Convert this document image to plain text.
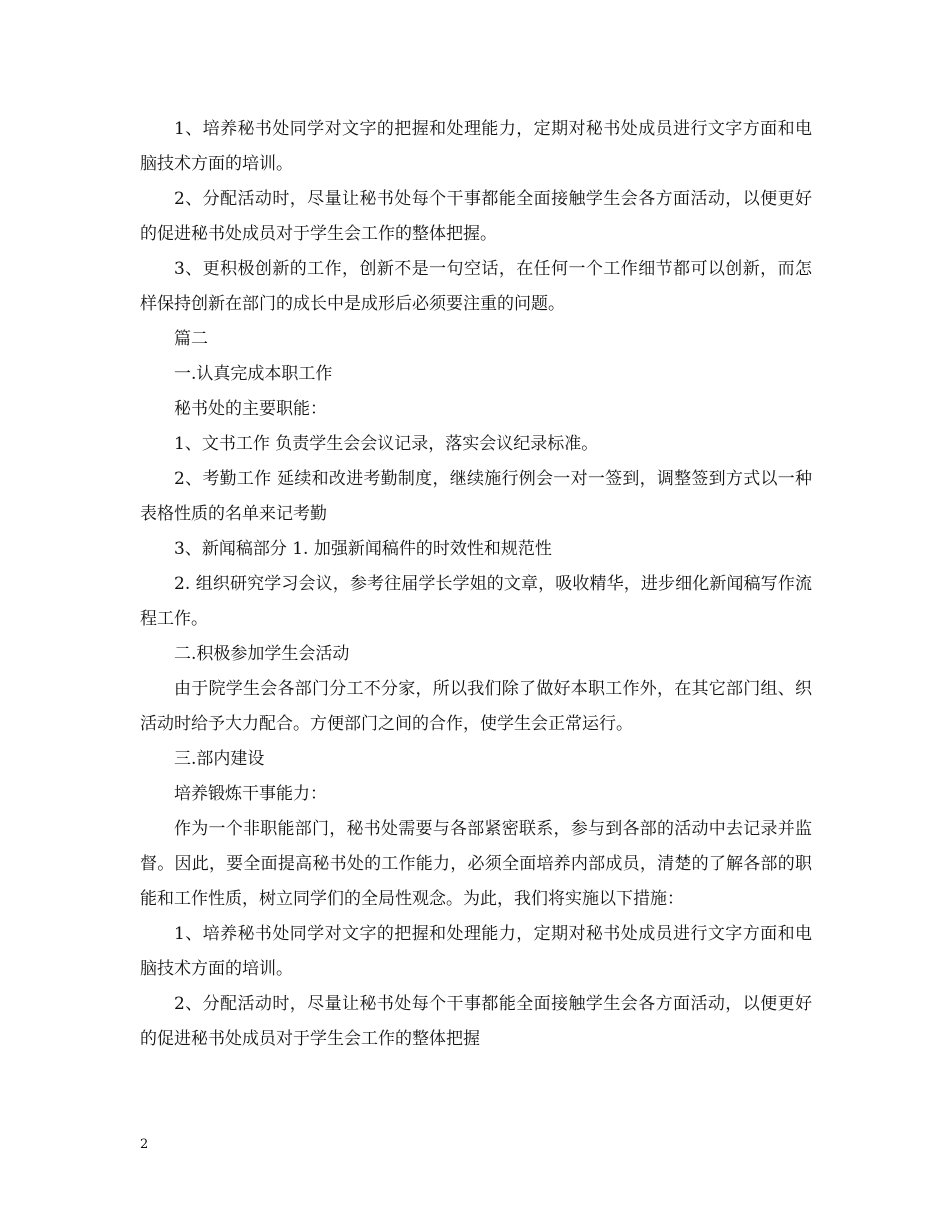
1、培养秘书处同学对文字的把握和处理能力，定期对秘书处成员进行文字方面和电脑技术方面的培训。

2、分配活动时，尽量让秘书处每个干事都能全面接触学生会各方面活动，以便更好的促进秘书处成员对于学生会工作的整体把握。

3、更积极创新的工作，创新不是一句空话，在任何一个工作细节都可以创新，而怎样保持创新在部门的成长中是成形后必须要注重的问题。

篇二

一.认真完成本职工作

秘书处的主要职能：

1、文书工作 负责学生会会议记录，落实会议纪录标准。

2、考勤工作 延续和改进考勤制度，继续施行例会一对一签到，调整签到方式以一种表格性质的名单来记考勤

3、新闻稿部分 1. 加强新闻稿件的时效性和规范性

2. 组织研究学习会议，参考往届学长学姐的文章，吸收精华，进步细化新闻稿写作流程工作。

二.积极参加学生会活动

由于院学生会各部门分工不分家，所以我们除了做好本职工作外，在其它部门组、织活动时给予大力配合。方便部门之间的合作，使学生会正常运行。

三.部内建设

培养锻炼干事能力：

作为一个非职能部门，秘书处需要与各部紧密联系，参与到各部的活动中去记录并监督。因此，要全面提高秘书处的工作能力，必须全面培养内部成员，清楚的了解各部的职能和工作性质，树立同学们的全局性观念。为此，我们将实施以下措施：

1、培养秘书处同学对文字的把握和处理能力，定期对秘书处成员进行文字方面和电脑技术方面的培训。

2、分配活动时，尽量让秘书处每个干事都能全面接触学生会各方面活动，以便更好的促进秘书处成员对于学生会工作的整体把握

2
